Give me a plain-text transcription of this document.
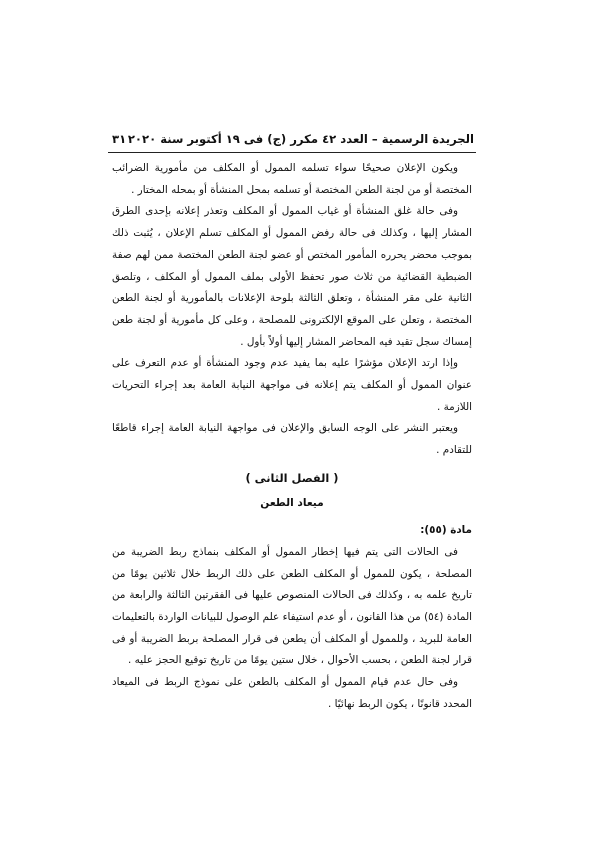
الجريدة الرسمية – العدد ٤٢ مكرر (ج) فى ١٩ أكتوبر سنة ٢٠٢٠
٣١

ويكون الإعلان صحيحًا سواء تسلمه الممول أو المكلف من مأمورية الضرائب المختصة أو من لجنة الطعن المختصة أو تسلمه بمحل المنشأة أو بمحله المختار .

وفى حالة غلق المنشأة أو غياب الممول أو المكلف وتعذر إعلانه بإحدى الطرق المشار إليها ، وكذلك فى حالة رفض الممول أو المكلف تسلم الإعلان ، يُثبت ذلك بموجب محضر يحرره المأمور المختص أو عضو لجنة الطعن المختصة ممن لهم صفة الضبطية القضائية من ثلاث صور تحفظ الأولى بملف الممول أو المكلف ، وتلصق الثانية على مقر المنشأة ، وتعلق الثالثة بلوحة الإعلانات بالمأمورية أو لجنة الطعن المختصة ، وتعلن على الموقع الإلكترونى للمصلحة ، وعلى كل مأمورية أو لجنة طعن إمساك سجل تقيد فيه المحاضر المشار إليها أولاً بأول .

وإذا ارتد الإعلان مؤشرًا عليه بما يفيد عدم وجود المنشأة أو عدم التعرف على عنوان الممول أو المكلف يتم إعلانه فى مواجهة النيابة العامة بعد إجراء التحريات اللازمة .

ويعتبر النشر على الوجه السابق والإعلان فى مواجهة النيابة العامة إجراء قاطعًا للتقادم .

( الفصل الثانى )

ميعاد الطعن

مادة (٥٥):

فى الحالات التى يتم فيها إخطار الممول أو المكلف بنماذج ربط الضريبة من المصلحة ، يكون للممول أو المكلف الطعن على ذلك الربط خلال ثلاثين يومًا من تاريخ علمه به ، وكذلك فى الحالات المنصوص عليها فى الفقرتين الثالثة والرابعة من المادة (٥٤) من هذا القانون ، أو عدم استيفاء علم الوصول للبيانات الواردة بالتعليمات العامة للبريد ، وللممول أو المكلف أن يطعن فى قرار المصلحة بربط الضريبة أو فى قرار لجنة الطعن ، بحسب الأحوال ، خلال ستين يومًا من تاريخ توقيع الحجز عليه .

وفى حال عدم قيام الممول أو المكلف بالطعن على نموذج الربط فى الميعاد المحدد قانونًا ، يكون الربط نهائيًا .
